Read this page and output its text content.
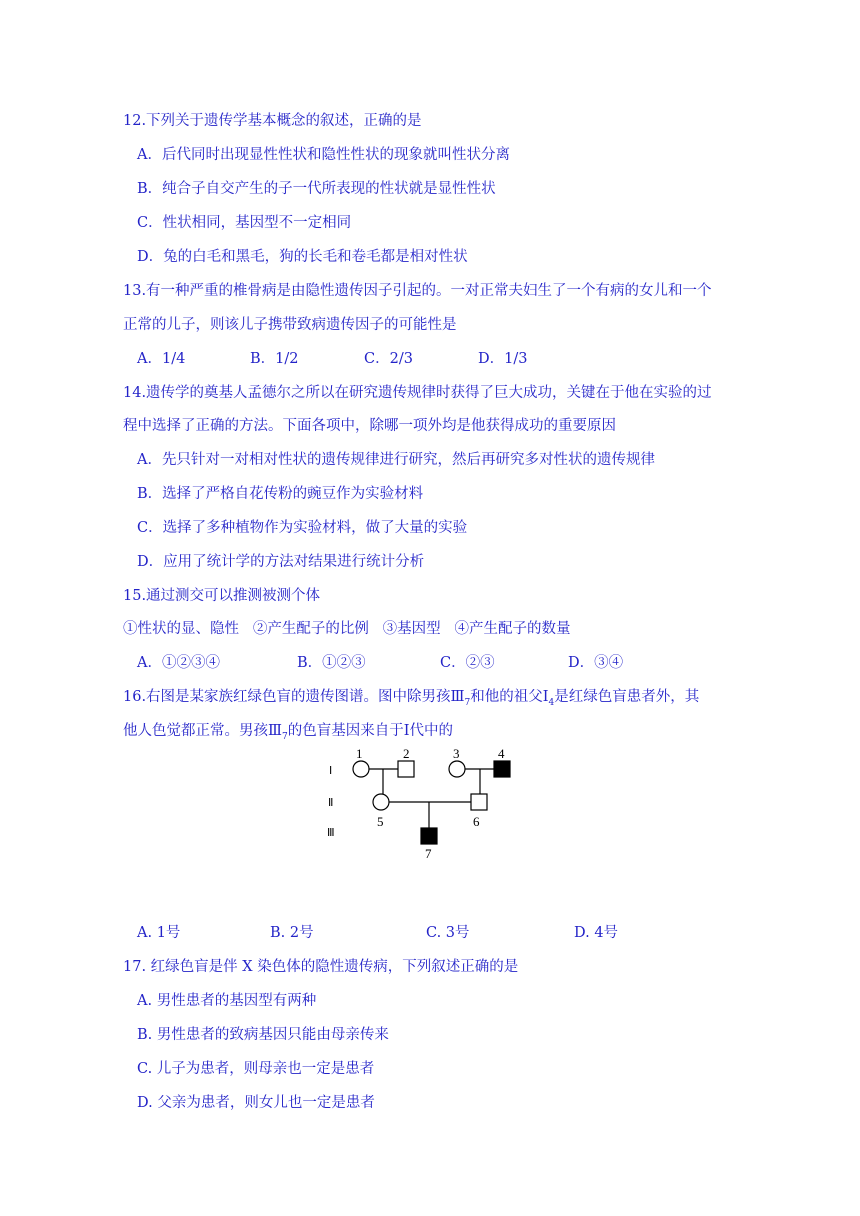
12.下列关于遗传学基本概念的叙述，正确的是
A．后代同时出现显性性状和隐性性状的现象就叫性状分离
B．纯合子自交产生的子一代所表现的性状就是显性性状
C．性状相同，基因型不一定相同
D．兔的白毛和黑毛，狗的长毛和卷毛都是相对性状
13.有一种严重的椎骨病是由隐性遗传因子引起的。一对正常夫妇生了一个有病的女儿和一个
正常的儿子，则该儿子携带致病遗传因子的可能性是
A．1/4	B．1/2	C．2/3	D．1/3
14.遗传学的奠基人孟德尔之所以在研究遗传规律时获得了巨大成功，关键在于他在实验的过
程中选择了正确的方法。下面各项中，除哪一项外均是他获得成功的重要原因
A．先只针对一对相对性状的遗传规律进行研究，然后再研究多对性状的遗传规律
B．选择了严格自花传粉的豌豆作为实验材料
C．选择了多种植物作为实验材料，做了大量的实验
D．应用了统计学的方法对结果进行统计分析
15.通过测交可以推测被测个体
①性状的显、隐性   ②产生配子的比例   ③基因型   ④产生配子的数量
A．①②③④	B．①②③	C．②③	D．③④
16.右图是某家族红绿色盲的遗传图谱。图中除男孩$Ⅲ_7$和他的祖父$Ⅰ_4$是红绿色盲患者外，其
他人色觉都正常。男孩$Ⅲ_7$的色盲基因来自于Ⅰ代中的
1	2	3	4
5	6
7
Ⅰ
Ⅱ
Ⅲ
A. 1号	B. 2号	C. 3号	D. 4号
17. 红绿色盲是伴 X 染色体的隐性遗传病，下列叙述正确的是
A. 男性患者的基因型有两种
B. 男性患者的致病基因只能由母亲传来
C. 儿子为患者，则母亲也一定是患者
D. 父亲为患者，则女儿也一定是患者
